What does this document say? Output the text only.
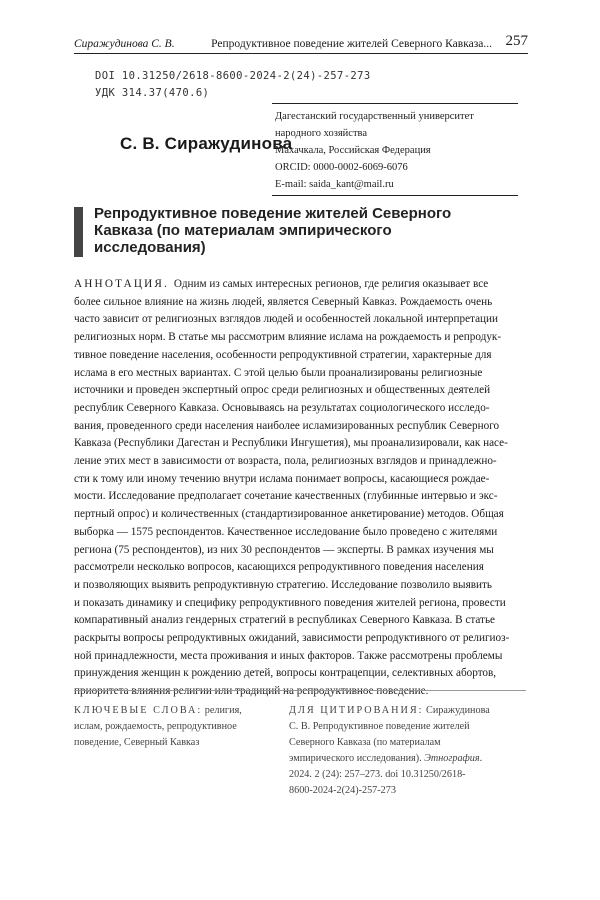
Сиражудинова С. В.	Репродуктивное поведение жителей Северного Кавказа... 257
DOI 10.31250/2618-8600-2024-2(24)-257-273
УДК 314.37(470.6)
Дагестанский государственный университет
народного хозяйства
Махачкала, Российская Федерация
ORCID: 0000-0002-6069-6076
E-mail: saida_kant@mail.ru
С. В. Сиражудинова
Репродуктивное поведение жителей Северного
Кавказа (по материалам эмпирического
исследования)
АННОТАЦИЯ. Одним из самых интересных регионов, где религия оказывает все
более сильное влияние на жизнь людей, является Северный Кавказ. Рождаемость очень
часто зависит от религиозных взглядов людей и особенностей локальной интерпретации
религиозных норм. В статье мы рассмотрим влияние ислама на рождаемость и репродук-
тивное поведение населения, особенности репродуктивной стратегии, характерные для
ислама в его местных вариантах. С этой целью были проанализированы религиозные
источники и проведен экспертный опрос среди религиозных и общественных деятелей
республик Северного Кавказа. Основываясь на результатах социологического исследо-
вания, проведенного среди населения наиболее исламизированных республик Северного
Кавказа (Республики Дагестан и Республики Ингушетия), мы проанализировали, как насе-
ление этих мест в зависимости от возраста, пола, религиозных взглядов и принадлежно-
сти к тому или иному течению внутри ислама понимает вопросы, касающиеся рождае-
мости. Исследование предполагает сочетание качественных (глубинные интервью и экс-
пертный опрос) и количественных (стандартизированное анкетирование) методов. Общая
выборка — 1575 респондентов. Качественное исследование было проведено с жителями
региона (75 респондентов), из них 30 респондентов — эксперты. В рамках изучения мы
рассмотрели несколько вопросов, касающихся репродуктивного поведения населения
и позволяющих выявить репродуктивную стратегию. Исследование позволило выявить
и показать динамику и специфику репродуктивного поведения жителей региона, провести
компаративный анализ гендерных стратегий в республиках Северного Кавказа. В статье
раскрыты вопросы репродуктивных ожиданий, зависимости репродуктивного от религиоз-
ной принадлежности, места проживания и иных факторов. Также рассмотрены проблемы
принуждения женщин к рождению детей, вопросы контрацепции, селективных абортов,
приоритета влияния религии или традиций на репродуктивное поведение.
КЛЮЧЕВЫЕ СЛОВА: религия,
ислам, рождаемость, репродуктивное
поведение, Северный Кавказ
ДЛЯ ЦИТИРОВАНИЯ: Сиражудинова
С. В. Репродуктивное поведение жителей
Северного Кавказа (по материалам
эмпирического исследования). Этнография.
2024. 2 (24): 257–273. doi 10.31250/2618-
8600-2024-2(24)-257-273
